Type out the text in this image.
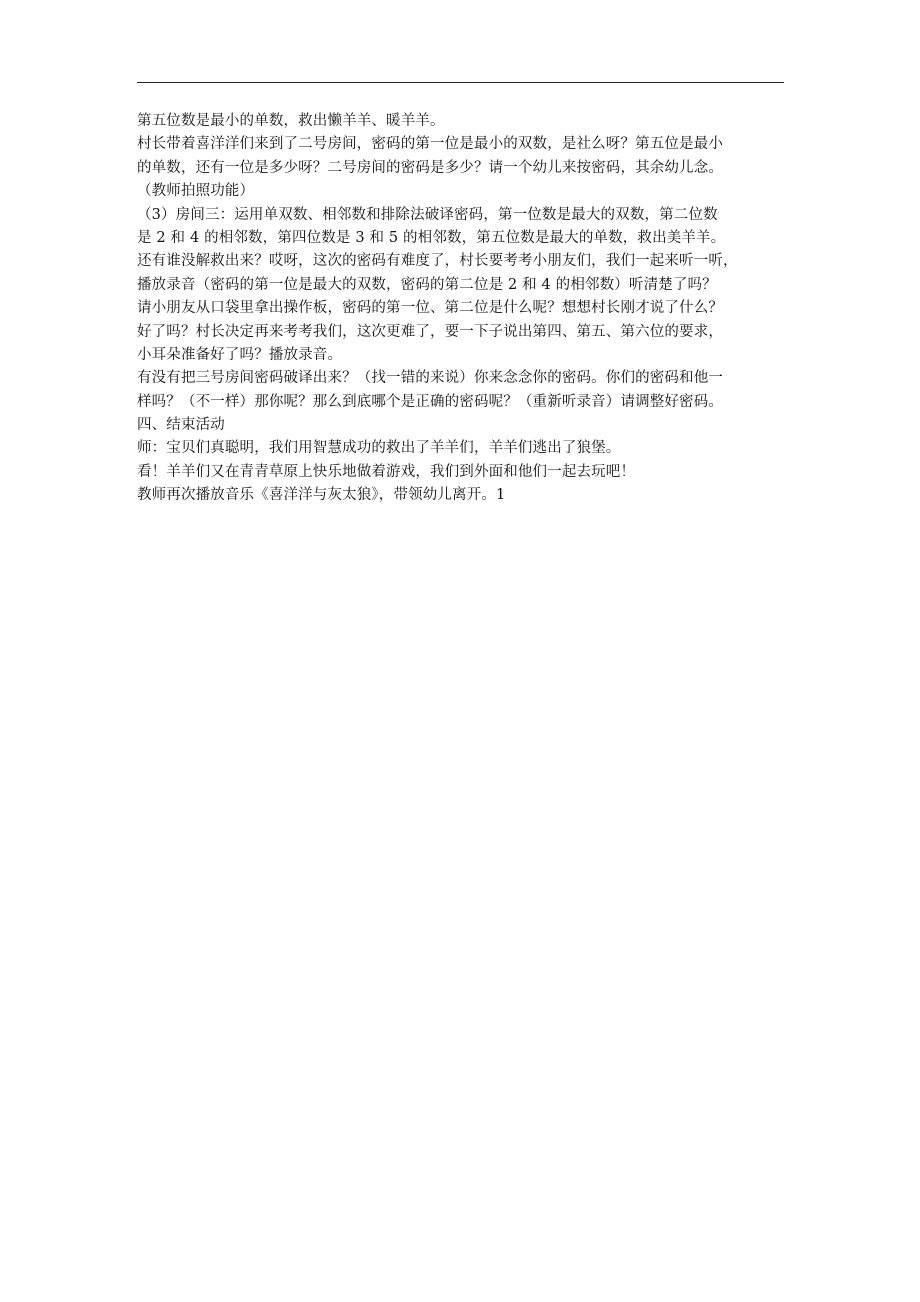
第五位数是最小的单数，救出懒羊羊、暖羊羊。
村长带着喜洋洋们来到了二号房间，密码的第一位是最小的双数，是社么呀？第五位是最小
的单数，还有一位是多少呀？二号房间的密码是多少？请一个幼儿来按密码，其余幼儿念。
（教师拍照功能）
（3）房间三：运用单双数、相邻数和排除法破译密码，第一位数是最大的双数，第二位数
是 2 和 4 的相邻数，第四位数是 3 和 5 的相邻数，第五位数是最大的单数，救出美羊羊。
还有谁没解救出来？哎呀，这次的密码有难度了，村长要考考小朋友们，我们一起来听一听，
播放录音（密码的第一位是最大的双数，密码的第二位是 2 和 4 的相邻数）听清楚了吗？
请小朋友从口袋里拿出操作板，密码的第一位、第二位是什么呢？想想村长刚才说了什么？
好了吗？村长决定再来考考我们，这次更难了，要一下子说出第四、第五、第六位的要求，
小耳朵准备好了吗？播放录音。
有没有把三号房间密码破译出来？（找一错的来说）你来念念你的密码。你们的密码和他一
样吗？（不一样）那你呢？那么到底哪个是正确的密码呢？（重新听录音）请调整好密码。
四、结束活动
师：宝贝们真聪明，我们用智慧成功的救出了羊羊们，羊羊们逃出了狼堡。
看！羊羊们又在青青草原上快乐地做着游戏，我们到外面和他们一起去玩吧！
教师再次播放音乐《喜洋洋与灰太狼》，带领幼儿离开。1
